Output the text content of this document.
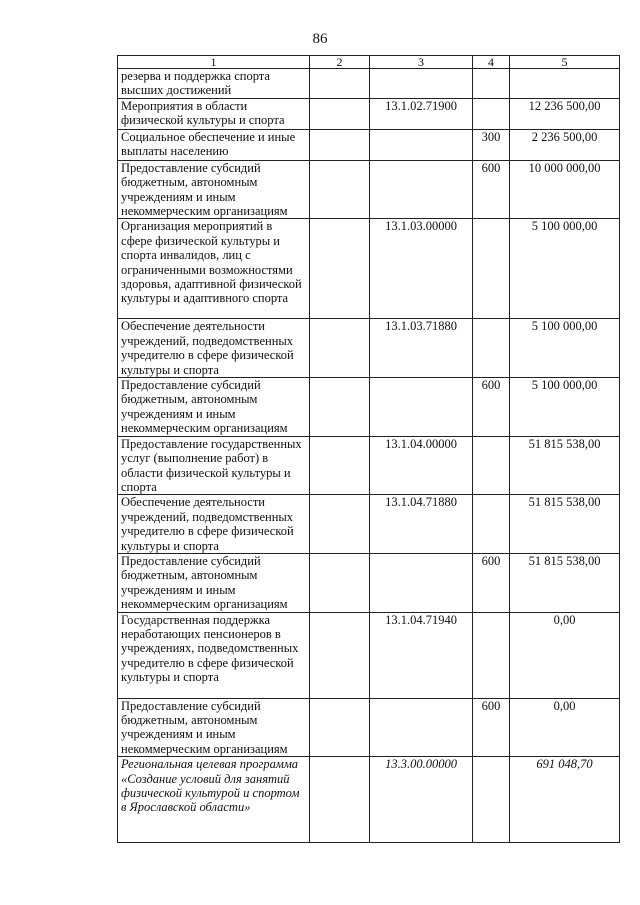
86
1	2	3	4	5
резерва и поддержка спорта высших достижений				
Мероприятия в области физической культуры и спорта		13.1.02.71900		12 236 500,00
Социальное обеспечение и иные выплаты населению			300	2 236 500,00
Предоставление субсидий бюджетным, автономным учреждениям и иным некоммерческим организациям			600	10 000 000,00
Организация мероприятий в сфере физической культуры и спорта инвалидов, лиц с ограниченными возможностями здоровья, адаптивной физической культуры и адаптивного спорта		13.1.03.00000		5 100 000,00
Обеспечение деятельности учреждений, подведомственных учредителю в сфере физической культуры и спорта		13.1.03.71880		5 100 000,00
Предоставление субсидий бюджетным, автономным учреждениям и иным некоммерческим организациям			600	5 100 000,00
Предоставление государственных услуг (выполнение работ) в области физической культуры и спорта		13.1.04.00000		51 815 538,00
Обеспечение деятельности учреждений, подведомственных учредителю в сфере физической культуры и спорта		13.1.04.71880		51 815 538,00
Предоставление субсидий бюджетным, автономным учреждениям и иным некоммерческим организациям			600	51 815 538,00
Государственная поддержка неработающих пенсионеров в учреждениях, подведомственных учредителю в сфере физической культуры и спорта		13.1.04.71940		0,00
Предоставление субсидий бюджетным, автономным учреждениям и иным некоммерческим организациям			600	0,00
Региональная целевая программа «Создание условий для занятий физической культурой и спортом в Ярославской области»		13.3.00.00000		691 048,70
